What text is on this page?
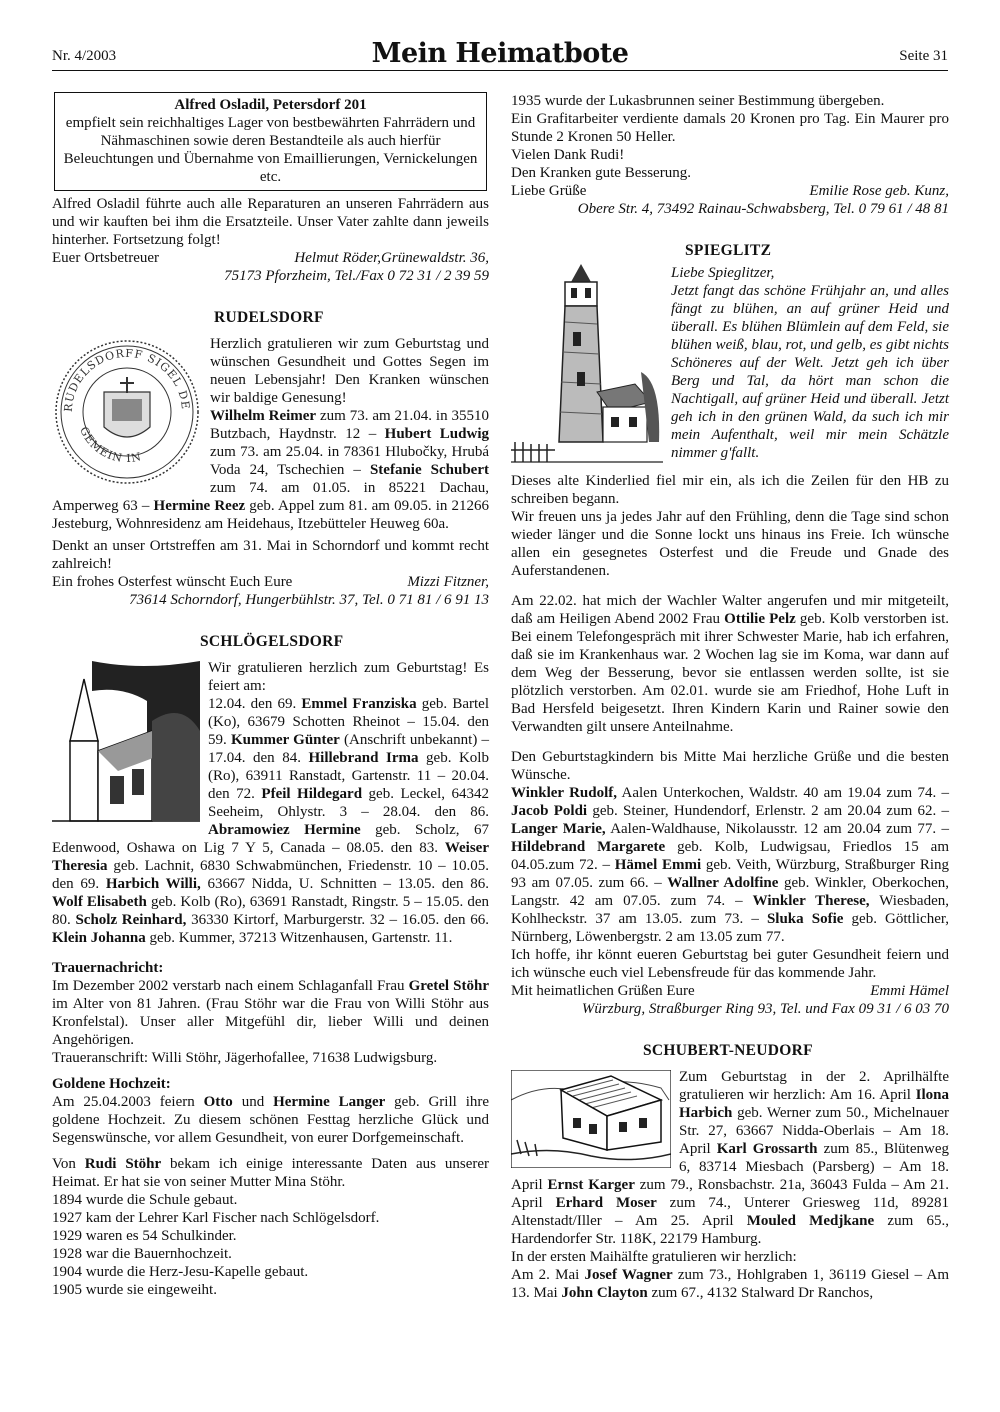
Nr. 4/2003	Mein Heimatbote	Seite 31
Alfred Osladil, Petersdorf 201
empfielt sein reichhaltiges Lager von bestbewährten Fahrrädern und Nähmaschinen sowie deren Bestandteile als auch hierfür Beleuchtungen und Übernahme von Emaillierungen, Vernickelungen etc.

Alfred Osladil führte auch alle Reparaturen an unseren Fahrrädern aus und wir kauften bei ihm die Ersatzteile. Unser Vater zahlte dann jeweils hinterher. Fortsetzung folgt!

Euer Ortsbetreuer	Helmut Röder,Grünewaldstr. 36,
75173 Pforzheim, Tel./Fax 0 72 31 / 2 39 59
RUDELSDORF
RUDELSDORFF SIGEL DE
GEMEIN IN

Herzlich gratulieren wir zum Geburtstag und wünschen Gesundheit und Gottes Segen im neuen Lebensjahr! Den Kranken wünschen wir baldige Genesung!

Wilhelm Reimer zum 73. am 21.04. in 35510 Butzbach, Haydnstr. 12 – Hubert Ludwig zum 73. am 25.04. in 78361 Hlubočky, Hrubá Voda 24, Tschechien – Stefanie Schubert zum 74. am 01.05. in 85221 Dachau, Amperweg 63 – Hermine Reez geb. Appel zum 81. am 09.05. in 21266 Jesteburg, Wohnresidenz am Heidehaus, Itzebütteler Heuweg 60a.

Denkt an unser Ortstreffen am 31. Mai in Schorndorf und kommt recht zahlreich!

Ein frohes Osterfest wünscht Euch Eure	Mizzi Fitzner,
73614 Schorndorf, Hungerbühlstr. 37, Tel. 0 71 81 / 6 91 13
SCHLÖGELSDORF

Wir gratulieren herzlich zum Geburtstag! Es feiert am:

12.04. den 69. Emmel Franziska geb. Bartel (Ko), 63679 Schotten Rheinot – 15.04. den 59. Kummer Günter (Anschrift unbekannt) – 17.04. den 84. Hillebrand Irma geb. Kolb (Ro), 63911 Ranstadt, Gartenstr. 11 – 20.04. den 72. Pfeil Hildegard geb. Leckel, 64342 Seeheim, Ohlystr. 3 – 28.04. den 86. Abramowiez Hermine geb. Scholz, 67 Edenwood, Oshawa on Lig 7 Y 5, Canada – 08.05. den 83. Weiser Theresia geb. Lachnit, 6830 Schwabmünchen, Friedenstr. 10 – 10.05. den 69. Harbich Willi, 63667 Nidda, U. Schnitten – 13.05. den 86. Wolf Elisabeth geb. Kolb (Ro), 63691 Ranstadt, Ringstr. 5 – 15.05. den 80. Scholz Reinhard, 36330 Kirtorf, Marburgerstr. 32 – 16.05. den 66. Klein Johanna geb. Kummer, 37213 Witzenhausen, Gartenstr. 11.

Trauernachricht:

Im Dezember 2002 verstarb nach einem Schlaganfall Frau Gretel Stöhr im Alter von 81 Jahren. (Frau Stöhr war die Frau von Willi Stöhr aus Kronfelstal). Unser aller Mitgefühl dir, lieber Willi und deinen Angehörigen.

Traueranschrift: Willi Stöhr, Jägerhofallee, 71638 Ludwigsburg.

Goldene Hochzeit:

Am 25.04.2003 feiern Otto und Hermine Langer geb. Grill ihre goldene Hochzeit. Zu diesem schönen Festtag herzliche Glück und Segenswünsche, vor allem Gesundheit, von eurer Dorfgemeinschaft.

Von Rudi Stöhr bekam ich einige interessante Daten aus unserer Heimat. Er hat sie von seiner Mutter Mina Stöhr.

1894 wurde die Schule gebaut.
1927 kam der Lehrer Karl Fischer nach Schlögelsdorf.
1929 waren es 54 Schulkinder.
1928 war die Bauernhochzeit.
1904 wurde die Herz-Jesu-Kapelle gebaut.
1905 wurde sie eingeweiht.
1935 wurde der Lukasbrunnen seiner Bestimmung übergeben.
Ein Grafitarbeiter verdiente damals 20 Kronen pro Tag. Ein Maurer pro Stunde 2 Kronen 50 Heller.
Vielen Dank Rudi!
Den Kranken gute Besserung.
Liebe Grüße	Emilie Rose geb. Kunz,
Obere Str. 4, 73492 Rainau-Schwabsberg, Tel. 0 79 61 / 48 81
SPIEGLITZ

Liebe Spieglitzer,

Jetzt fangt das schöne Frühjahr an, und alles fängt zu blühen, an auf grüner Heid und überall. Es blühen Blümlein auf dem Feld, sie blühen weiß, blau, rot, und gelb, es gibt nichts Schöneres auf der Welt. Jetzt geh ich über Berg und Tal, da hört man schon die Nachtigall, auf grüner Heid und überall. Jetzt geh ich in den grünen Wald, da such ich mir mein Aufenthalt, weil mir mein Schätzle nimmer g'fallt.

Dieses alte Kinderlied fiel mir ein, als ich die Zeilen für den HB zu schreiben begann.

Wir freuen uns ja jedes Jahr auf den Frühling, denn die Tage sind schon wieder länger und die Sonne lockt uns hinaus ins Freie. Ich wünsche allen ein gesegnetes Osterfest und die Freude und Gnade des Auferstandenen.

Am 22.02. hat mich der Wachler Walter angerufen und mir mitgeteilt, daß am Heiligen Abend 2002 Frau Ottilie Pelz geb. Kolb verstorben ist. Bei einem Telefongespräch mit ihrer Schwester Marie, hab ich erfahren, daß sie im Krankenhaus war. 2 Wochen lag sie im Koma, war dann auf dem Weg der Besserung, bevor sie entlassen werden sollte, ist sie plötzlich verstorben. Am 02.01. wurde sie am Friedhof, Hohe Luft in Bad Hersfeld beigesetzt. Ihren Kindern Karin und Rainer sowie den Verwandten gilt unsere Anteilnahme.

Den Geburtstagkindern bis Mitte Mai herzliche Grüße und die besten Wünsche.

Winkler Rudolf, Aalen Unterkochen, Waldstr. 40 am 19.04 zum 74. – Jacob Poldi geb. Steiner, Hundendorf, Erlenstr. 2 am 20.04 zum 62. – Langer Marie, Aalen-Waldhause, Nikolausstr. 12 am 20.04 zum 77. – Hildebrand Margarete geb. Kolb, Ludwigsau, Friedlos 15 am 04.05.zum 72. – Hämel Emmi geb. Veith, Würzburg, Straßburger Ring 93 am 07.05. zum 66. – Wallner Adolfine geb. Winkler, Oberkochen, Langstr. 42 am 07.05. zum 74. – Winkler Therese, Wiesbaden, Kohlheckstr. 37 am 13.05. zum 73. – Sluka Sofie geb. Göttlicher, Nürnberg, Löwenbergstr. 2 am 13.05 zum 77.

Ich hoffe, ihr könnt eueren Geburtstag bei guter Gesundheit feiern und ich wünsche euch viel Lebensfreude für das kommende Jahr.

Mit heimatlichen Grüßen Eure	Emmi Hämel
Würzburg, Straßburger Ring 93, Tel. und Fax 09 31 / 6 03 70
SCHUBERT-NEUDORF

Zum Geburtstag in der 2. Aprilhälfte gratulieren wir herzlich: Am 16. April Ilona Harbich geb. Werner zum 50., Michelnauer Str. 27, 63667 Nidda-Oberlais – Am 18. April Karl Grossarth zum 85., Blütenweg 6, 83714 Miesbach (Parsberg) – Am 18. April Ernst Karger zum 79., Ronsbachstr. 21a, 36043 Fulda – Am 21. April Erhard Moser zum 74., Unterer Griesweg 11d, 89281 Altenstadt/Iller – Am 25. April Mouled Medjkane zum 65., Hardendorfer Str. 118K, 22179 Hamburg.

In der ersten Maihälfte gratulieren wir herzlich:

Am 2. Mai Josef Wagner zum 73., Hohlgraben 1, 36119 Giesel – Am 13. Mai John Clayton zum 67., 4132 Stalward Dr Ranchos,
